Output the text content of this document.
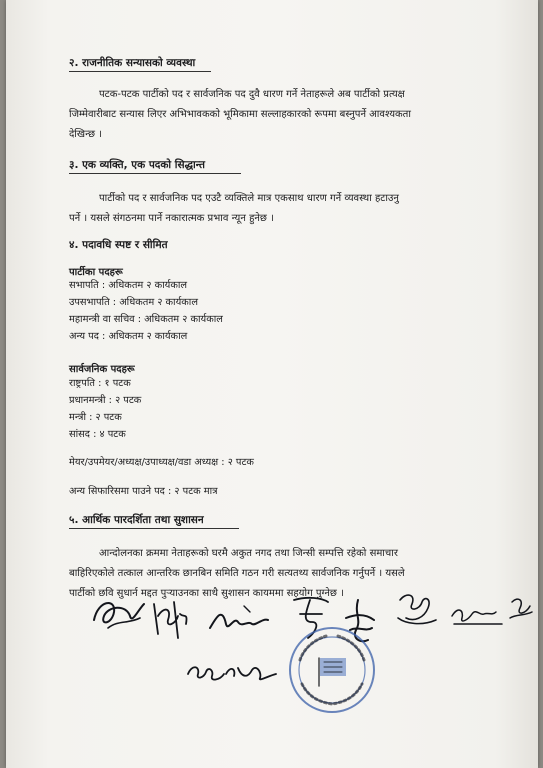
२. राजनीतिक सन्यासको व्यवस्था
पटक-पटक पार्टीको पद र सार्वजनिक पद दुवै धारण गर्ने नेताहरूले अब पार्टीको प्रत्यक्ष
जिम्मेवारीबाट सन्यास लिएर अभिभावकको भूमिकामा सल्लाहकारको रूपमा बस्नुपर्ने आवश्यकता
देखिन्छ ।
३. एक व्यक्ति, एक पदको सिद्धान्त
पार्टीको पद र सार्वजनिक पद एउटै व्यक्तिले मात्र एकसाथ धारण गर्ने व्यवस्था हटाउनु
पर्ने । यसले संगठनमा पार्ने नकारात्मक प्रभाव न्यून हुनेछ ।
४. पदावधि स्पष्ट र सीमित
पार्टीका पदहरू
सभापति : अधिकतम २ कार्यकाल
उपसभापति : अधिकतम २ कार्यकाल
महामन्त्री वा सचिव : अधिकतम २ कार्यकाल
अन्य पद : अधिकतम २ कार्यकाल
सार्वजनिक पदहरू
राष्ट्रपति : १ पटक
प्रधानमन्त्री : २ पटक
मन्त्री : २ पटक
सांसद : ४ पटक
मेयर/उपमेयर/अध्यक्ष/उपाध्यक्ष/वडा अध्यक्ष : २ पटक
अन्य सिफारिसमा पाउने पद : २ पटक मात्र
५. आर्थिक पारदर्शिता तथा सुशासन
आन्दोलनका क्रममा नेताहरूको घरमै अकुत नगद तथा जिन्सी सम्पत्ति रहेको समाचार
बाहिरिएकोले तत्काल आन्तरिक छानबिन समिति गठन गरी सत्यतथ्य सार्वजनिक गर्नुपर्ने । यसले
पार्टीको छवि सुधार्न मद्दत पुऱ्याउनका साथै सुशासन कायममा सहयोग पुग्नेछ ।
